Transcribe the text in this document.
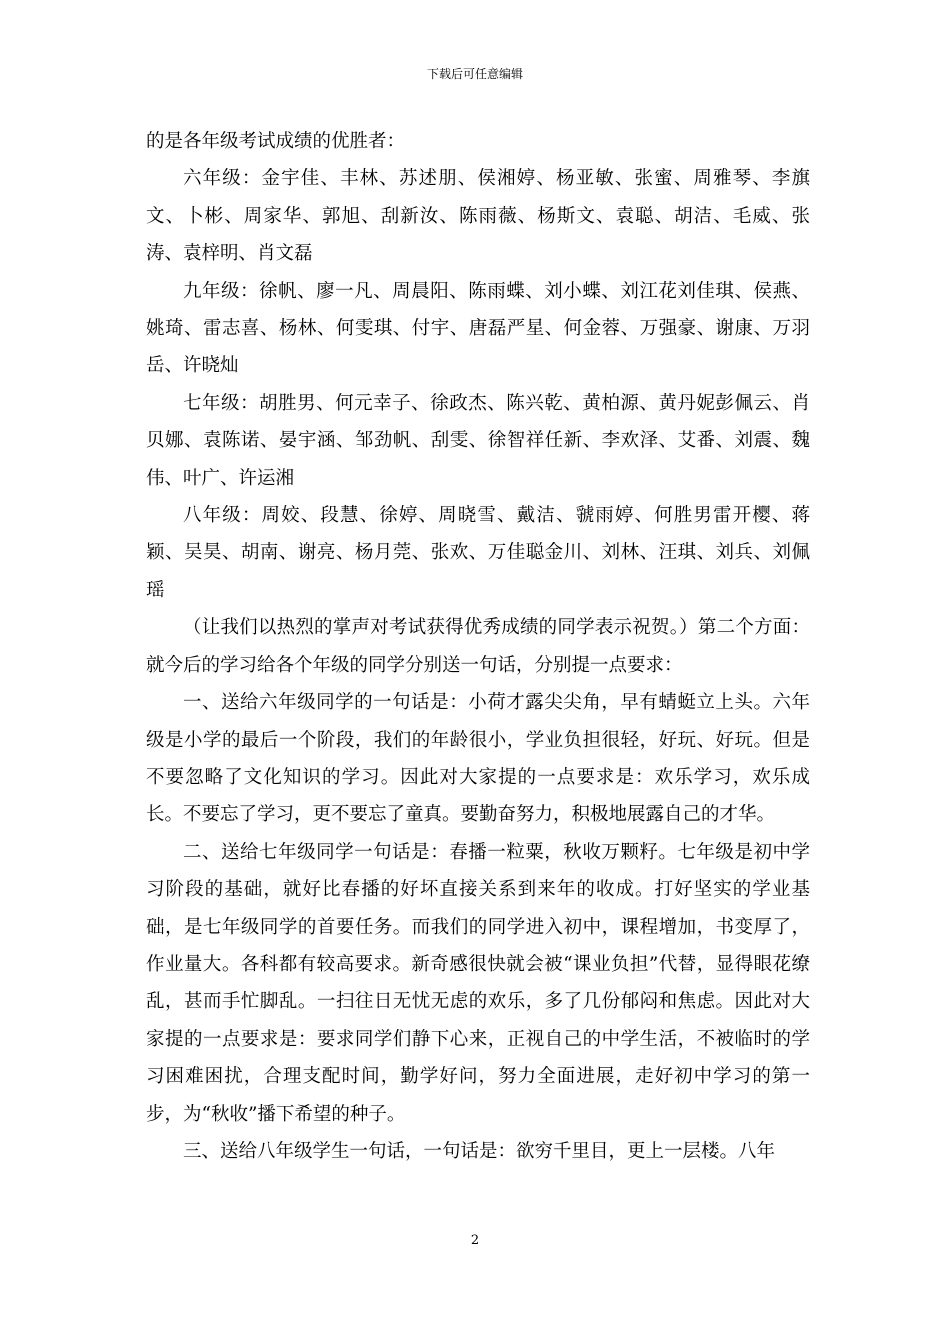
下载后可任意编辑

的是各年级考试成绩的优胜者：

六年级：金宇佳、丰林、苏述朋、侯湘婷、杨亚敏、张蜜、周雅琴、李旗文、卜彬、周家华、郭旭、刮新汝、陈雨薇、杨斯文、袁聪、胡洁、毛威、张涛、袁梓明、肖文磊

九年级：徐帆、廖一凡、周晨阳、陈雨蝶、刘小蝶、刘江花刘佳琪、侯燕、姚琦、雷志喜、杨林、何雯琪、付宇、唐磊严星、何金蓉、万强豪、谢康、万羽岳、许晓灿

七年级：胡胜男、何元幸子、徐政杰、陈兴乾、黄柏源、黄丹妮彭佩云、肖贝娜、袁陈诺、晏宇涵、邹劲帆、刮雯、徐智祥任新、李欢泽、艾番、刘震、魏伟、叶广、许运湘

八年级：周姣、段慧、徐婷、周晓雪、戴洁、虢雨婷、何胜男雷开樱、蒋颖、吴昊、胡南、谢亮、杨月莞、张欢、万佳聪金川、刘林、汪琪、刘兵、刘佩瑶

（让我们以热烈的掌声对考试获得优秀成绩的同学表示祝贺。）第二个方面：就今后的学习给各个年级的同学分别送一句话，分别提一点要求：

一、送给六年级同学的一句话是：小荷才露尖尖角，早有蜻蜓立上头。六年级是小学的最后一个阶段，我们的年龄很小，学业负担很轻，好玩、好玩。但是不要忽略了文化知识的学习。因此对大家提的一点要求是：欢乐学习，欢乐成长。不要忘了学习，更不要忘了童真。要勤奋努力，积极地展露自己的才华。

二、送给七年级同学一句话是：春播一粒粟，秋收万颗籽。七年级是初中学习阶段的基础，就好比春播的好坏直接关系到来年的收成。打好坚实的学业基础，是七年级同学的首要任务。而我们的同学进入初中，课程增加，书变厚了，作业量大。各科都有较高要求。新奇感很快就会被“课业负担”代替，显得眼花缭乱，甚而手忙脚乱。一扫往日无忧无虑的欢乐，多了几份郁闷和焦虑。因此对大家提的一点要求是：要求同学们静下心来，正视自己的中学生活，不被临时的学习困难困扰，合理支配时间，勤学好问，努力全面进展，走好初中学习的第一步，为“秋收”播下希望的种子。

三、送给八年级学生一句话，一句话是：欲穷千里目，更上一层楼。八年

2
